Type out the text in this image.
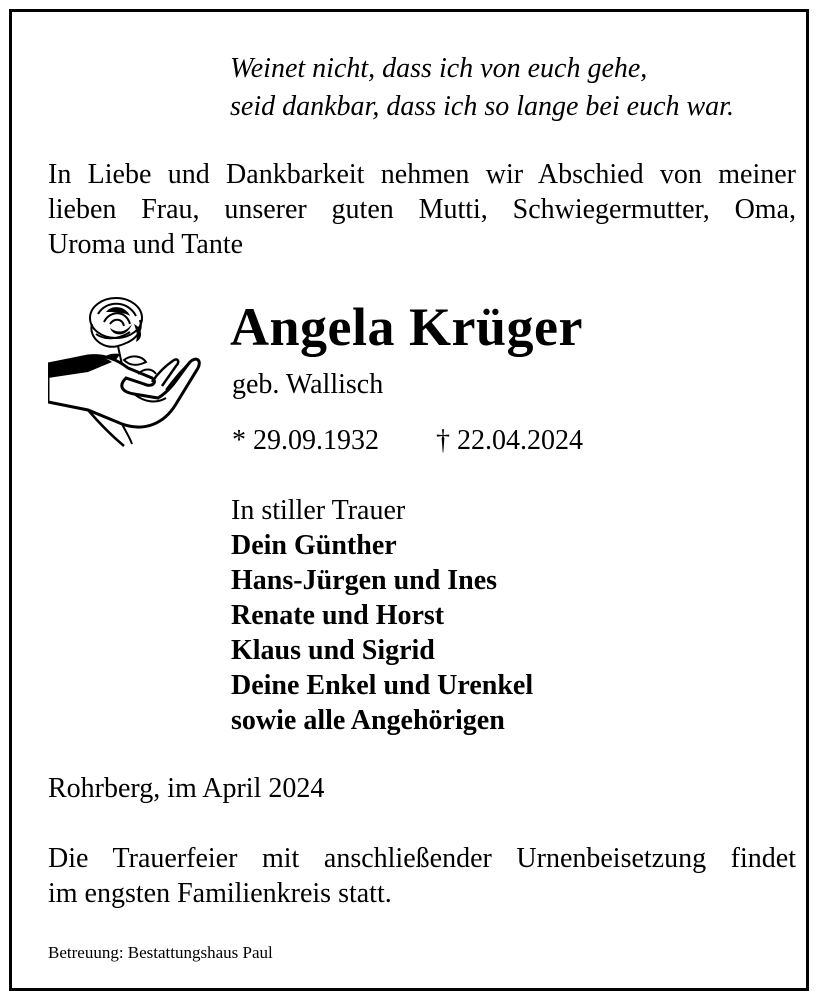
Weinet nicht, dass ich von euch gehe,
seid dankbar, dass ich so lange bei euch war.
In Liebe und Dankbarkeit nehmen wir Abschied von meiner
lieben Frau, unserer guten Mutti, Schwiegermutter, Oma,
Uroma und Tante
Angela Krüger
geb. Wallisch
* 29.09.1932 † 22.04.2024
In stiller Trauer
Dein Günther
Hans-Jürgen und Ines
Renate und Horst
Klaus und Sigrid
Deine Enkel und Urenkel
sowie alle Angehörigen
Rohrberg, im April 2024
Die Trauerfeier mit anschließender Urnenbeisetzung findet
im engsten Familienkreis statt.
Betreuung: Bestattungshaus Paul
